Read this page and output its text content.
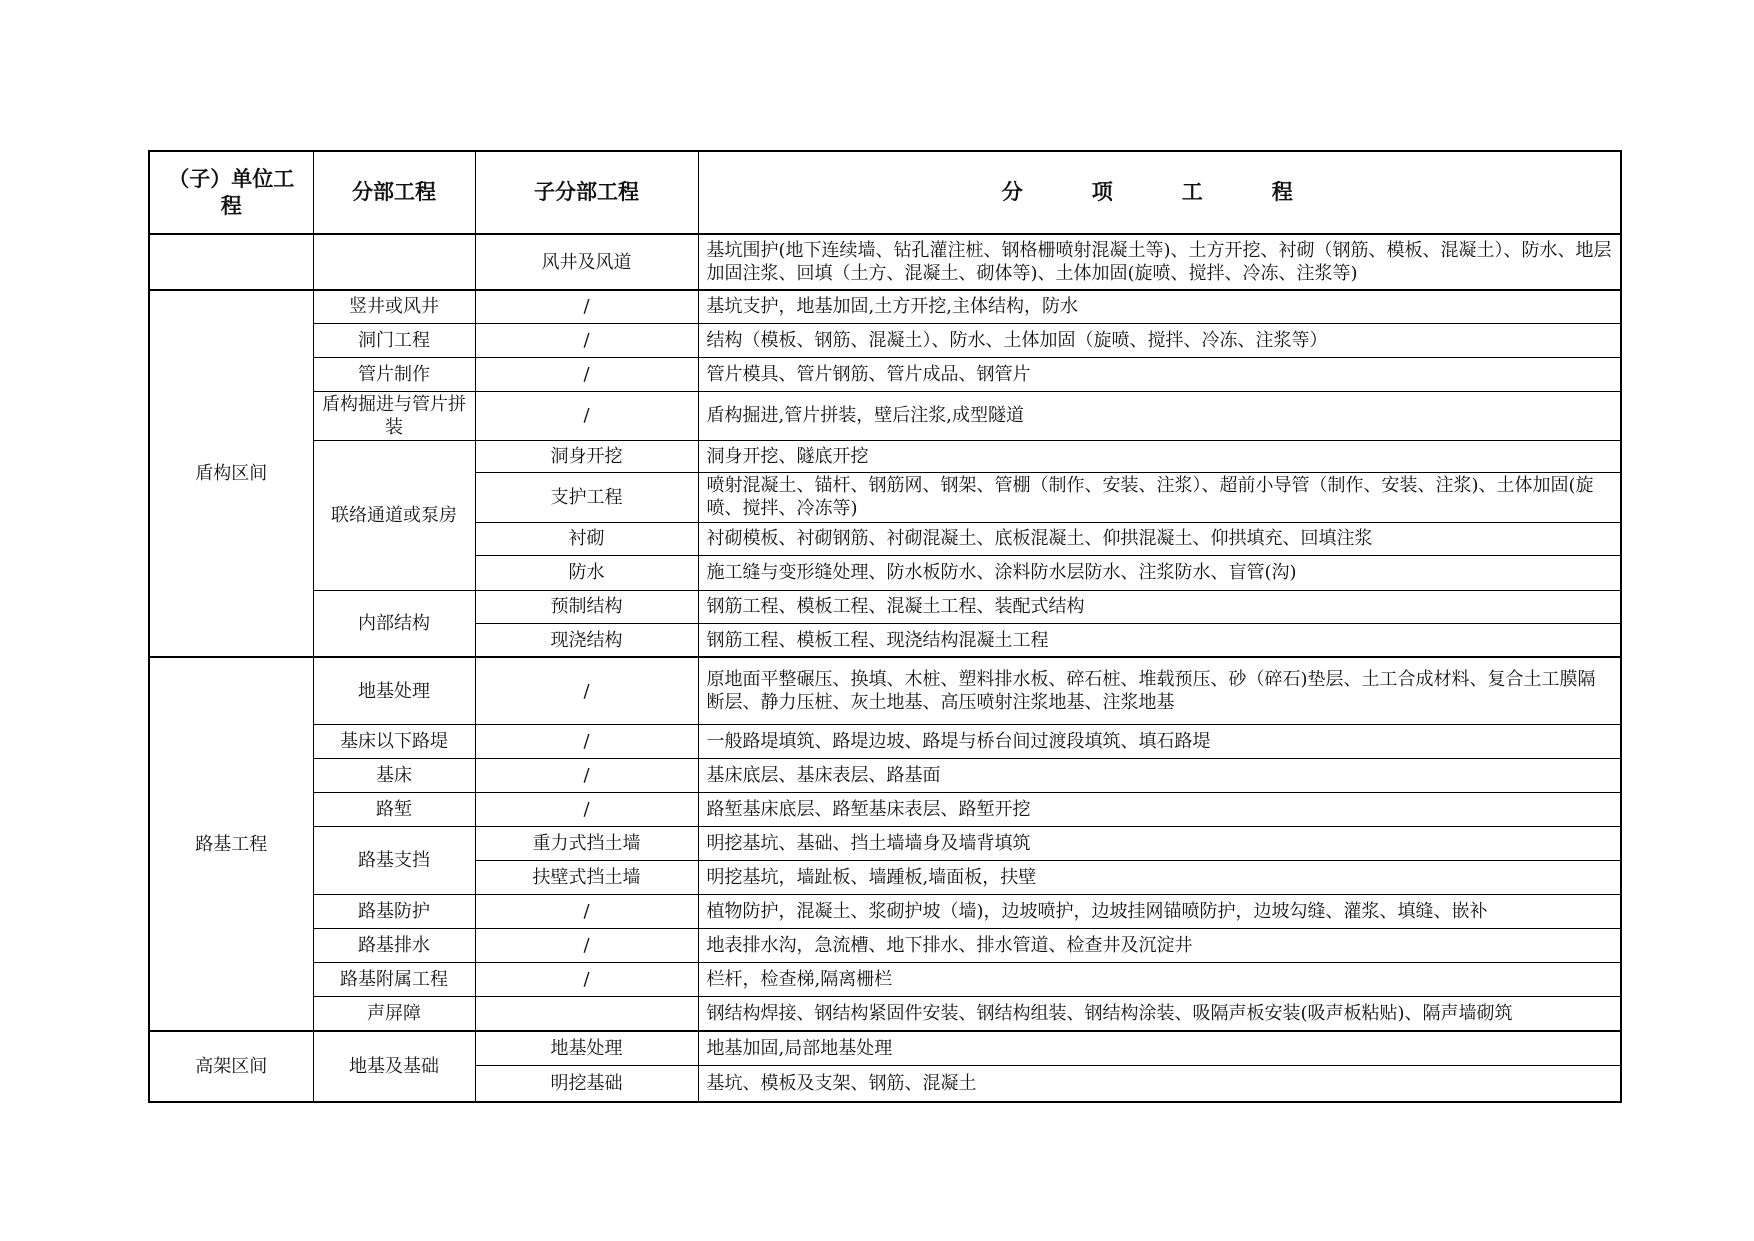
（子）单位工程	分部工程	子分部工程	分　项　工　程
		风井及风道	基坑围护(地下连续墙、钻孔灌注桩、钢格栅喷射混凝土等)、土方开挖、衬砌（钢筋、模板、混凝土）、防水、地层加固注浆、回填（土方、混凝土、砌体等)、土体加固(旋喷、搅拌、冷冻、注浆等)
盾构区间	竖井或风井	/	基坑支护，地基加固,土方开挖,主体结构，防水
	洞门工程	/	结构（模板、钢筋、混凝土）、防水、土体加固（旋喷、搅拌、冷冻、注浆等）
	管片制作	/	管片模具、管片钢筋、管片成品、钢管片
	盾构掘进与管片拼装	/	盾构掘进,管片拼装，壁后注浆,成型隧道
	联络通道或泵房	洞身开挖	洞身开挖、隧底开挖
		支护工程	喷射混凝土、锚杆、钢筋网、钢架、管棚（制作、安装、注浆）、超前小导管（制作、安装、注浆)、土体加固(旋喷、搅拌、冷冻等)
		衬砌	衬砌模板、衬砌钢筋、衬砌混凝土、底板混凝土、仰拱混凝土、仰拱填充、回填注浆
		防水	施工缝与变形缝处理、防水板防水、涂料防水层防水、注浆防水、盲管(沟)
	内部结构	预制结构	钢筋工程、模板工程、混凝土工程、装配式结构
		现浇结构	钢筋工程、模板工程、现浇结构混凝土工程
路基工程	地基处理	/	原地面平整碾压、换填、木桩、塑料排水板、碎石桩、堆载预压、砂（碎石)垫层、土工合成材料、复合土工膜隔断层、静力压桩、灰土地基、高压喷射注浆地基、注浆地基
	基床以下路堤	/	一般路堤填筑、路堤边坡、路堤与桥台间过渡段填筑、填石路堤
	基床	/	基床底层、基床表层、路基面
	路堑	/	路堑基床底层、路堑基床表层、路堑开挖
	路基支挡	重力式挡土墙	明挖基坑、基础、挡土墙墙身及墙背填筑
		扶壁式挡土墙	明挖基坑，墙趾板、墙踵板,墙面板，扶壁
	路基防护	/	植物防护，混凝土、浆砌护坡（墙)，边坡喷护，边坡挂网锚喷防护，边坡勾缝、灌浆、填缝、嵌补
	路基排水	/	地表排水沟，急流槽、地下排水、排水管道、检查井及沉淀井
	路基附属工程	/	栏杆，检查梯,隔离栅栏
	声屏障		钢结构焊接、钢结构紧固件安装、钢结构组装、钢结构涂装、吸隔声板安装(吸声板粘贴)、隔声墙砌筑
高架区间	地基及基础	地基处理	地基加固,局部地基处理
		明挖基础	基坑、模板及支架、钢筋、混凝土
